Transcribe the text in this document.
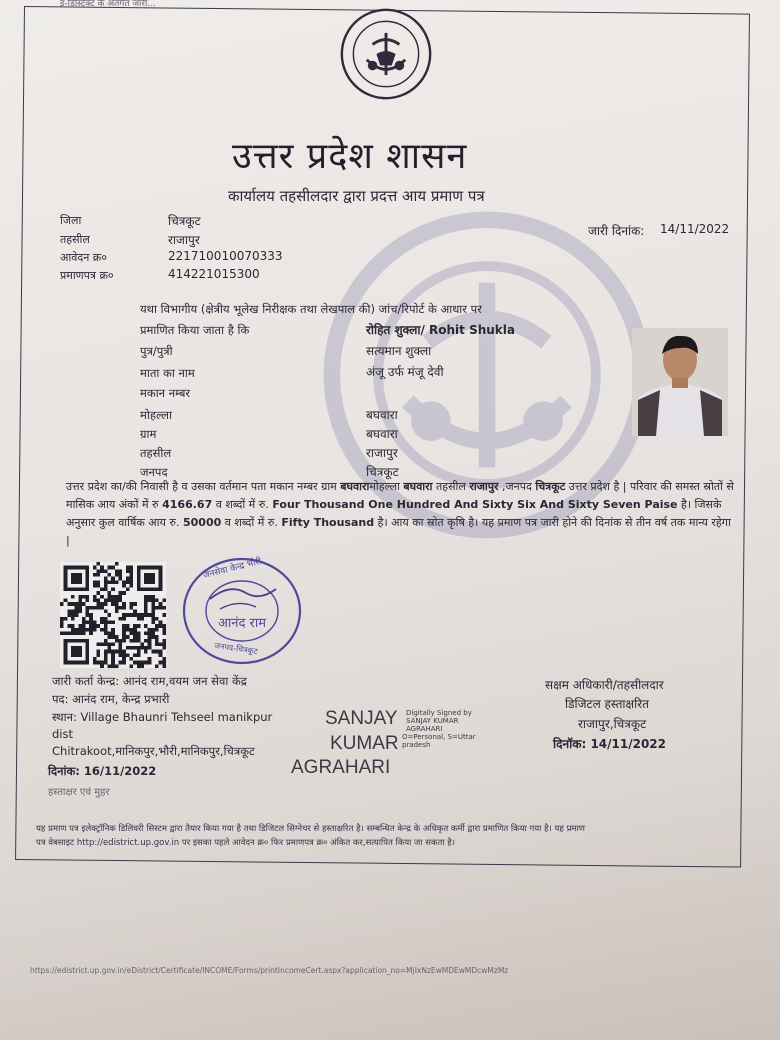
इ-डिस्ट्रिक्ट के अंतर्गत जारी...
उत्तर प्रदेश शासन
कार्यालय तहसीलदार द्वारा प्रदत्त आय प्रमाण पत्र
जिला	चित्रकूट
तहसील	राजापुर
आवेदन क्र०	221710010070333
प्रमाणपत्र क्र०	414221015300
जारी दिनांक: 14/11/2022
यथा विभागीय (क्षेत्रीय भूलेख निरीक्षक तथा लेखपाल की) जांच/रिपोर्ट के आधार पर
प्रमाणित किया जाता है कि	रोहित शुक्ला/ Rohit Shukla
पुत्र/पुत्री	सत्यमान शुक्ला
माता का नाम	अंजू उर्फ मंजू देवी
मकान नम्बर
मोहल्ला	बघवारा
ग्राम	बघवारा
तहसील	राजापुर
जनपद	चित्रकूट
उत्तर प्रदेश का/की निवासी है व उसका वर्तमान पता मकान नम्बर ग्राम बघवारामोहल्ला बघवारा तहसील राजापुर ,जनपद चित्रकूट उत्तर प्रदेश है | परिवार की समस्त स्रोतों से मासिक आय अंकों में रु 4166.67 व शब्दों में रु. Four Thousand One Hundred And Sixty Six And Sixty Seven Paise है। जिसके अनुसार कुल वार्षिक आय रु. 50000 व शब्दों में रु. Fifty Thousand है। आय का स्रोत कृषि है। यह प्रमाण पत्र जारी होने की दिनांक से तीन वर्ष तक मान्य रहेगा |
जनसेवा केन्द्र भौरी
आनंद राम
जनपद-चित्रकूट
जारी कर्ता केन्द्र: आनंद राम,वयम जन सेवा केंद्र
पद: आनंद राम, केन्द्र प्रभारी
स्थान: Village Bhaunri Tehseel manikpur
dist
Chitrakoot,मानिकपुर,भौरी,मानिकपुर,चित्रकूट
दिनांक: 16/11/2022
हस्ताक्षर एवं मुहर
SANJAY
KUMAR
AGRAHARI
Digitally Signed by
SANJAY KUMAR
AGRAHARI
O=Personal, S=Uttar
pradesh
सक्षम अधिकारी/तहसीलदार
डिजिटल हस्ताक्षरित
राजापुर,चित्रकूट
दिनॉक: 14/11/2022
यह प्रमाण पत्र इलेक्ट्रॉनिक डिलिवरी सिस्टम द्वारा तैयार किया गया है तथा डिजिटल सिग्नेचर से हस्ताक्षरित है। सम्बन्धित केन्द्र के अधिकृत कर्मी द्वारा प्रमाणित किया गया है। यह प्रमाण
पत्र वेबसाइट http://edistrict.up.gov.in पर इसका पहले आवेदन क्र० फिर प्रमाणपत्र क्र० अंकित कर,सत्यापित किया जा सकता है।
https://edistrict.up.gov.in/eDistrict/Certificate/INCOME/Forms/printIncomeCert.aspx?application_no=MjIxNzEwMDEwMDcwMzMz
